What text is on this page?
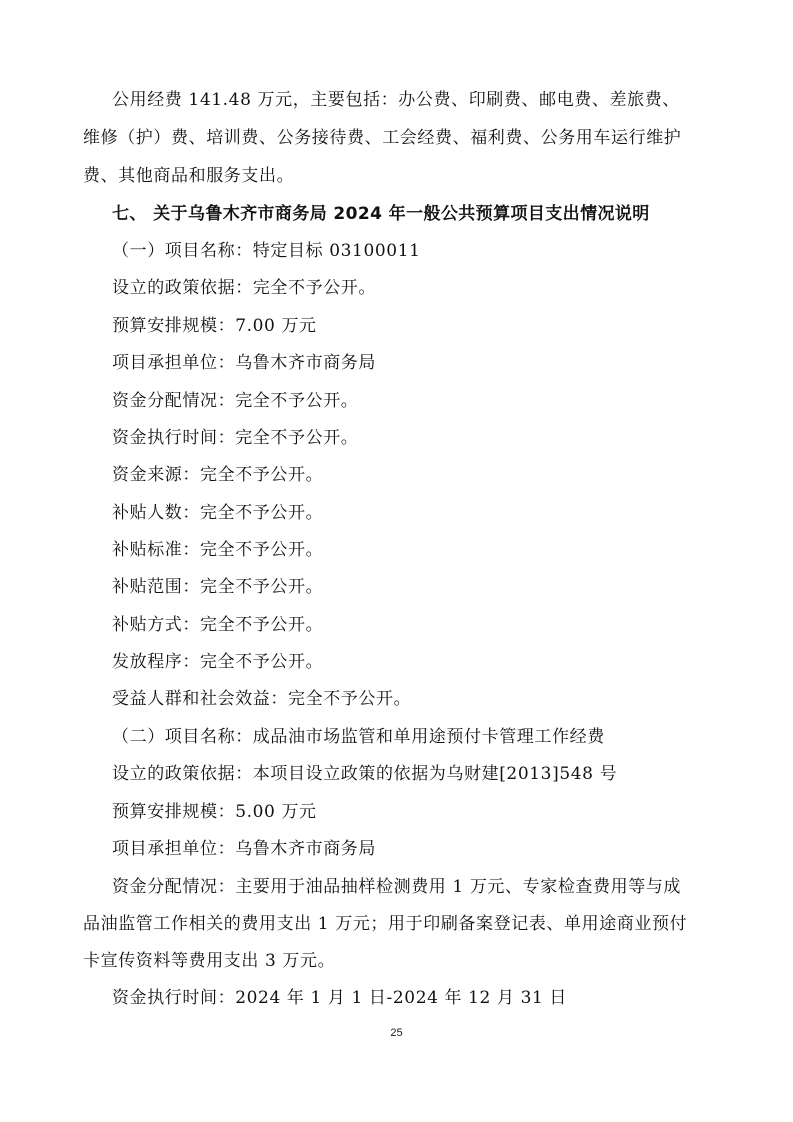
公用经费 141.48 万元，主要包括：办公费、印刷费、邮电费、差旅费、
维修（护）费、培训费、公务接待费、工会经费、福利费、公务用车运行维护
费、其他商品和服务支出。
七、 关于乌鲁木齐市商务局 2024 年一般公共预算项目支出情况说明
（一）项目名称：特定目标 03100011
设立的政策依据：完全不予公开。
预算安排规模：7.00 万元
项目承担单位：乌鲁木齐市商务局
资金分配情况：完全不予公开。
资金执行时间：完全不予公开。
资金来源：完全不予公开。
补贴人数：完全不予公开。
补贴标准：完全不予公开。
补贴范围：完全不予公开。
补贴方式：完全不予公开。
发放程序：完全不予公开。
受益人群和社会效益：完全不予公开。
（二）项目名称：成品油市场监管和单用途预付卡管理工作经费
设立的政策依据：本项目设立政策的依据为乌财建[2013]548 号
预算安排规模：5.00 万元
项目承担单位：乌鲁木齐市商务局
资金分配情况：主要用于油品抽样检测费用 1 万元、专家检查费用等与成
品油监管工作相关的费用支出 1 万元；用于印刷备案登记表、单用途商业预付
卡宣传资料等费用支出 3 万元。
资金执行时间：2024 年 1 月 1 日-2024 年 12 月 31 日
25
